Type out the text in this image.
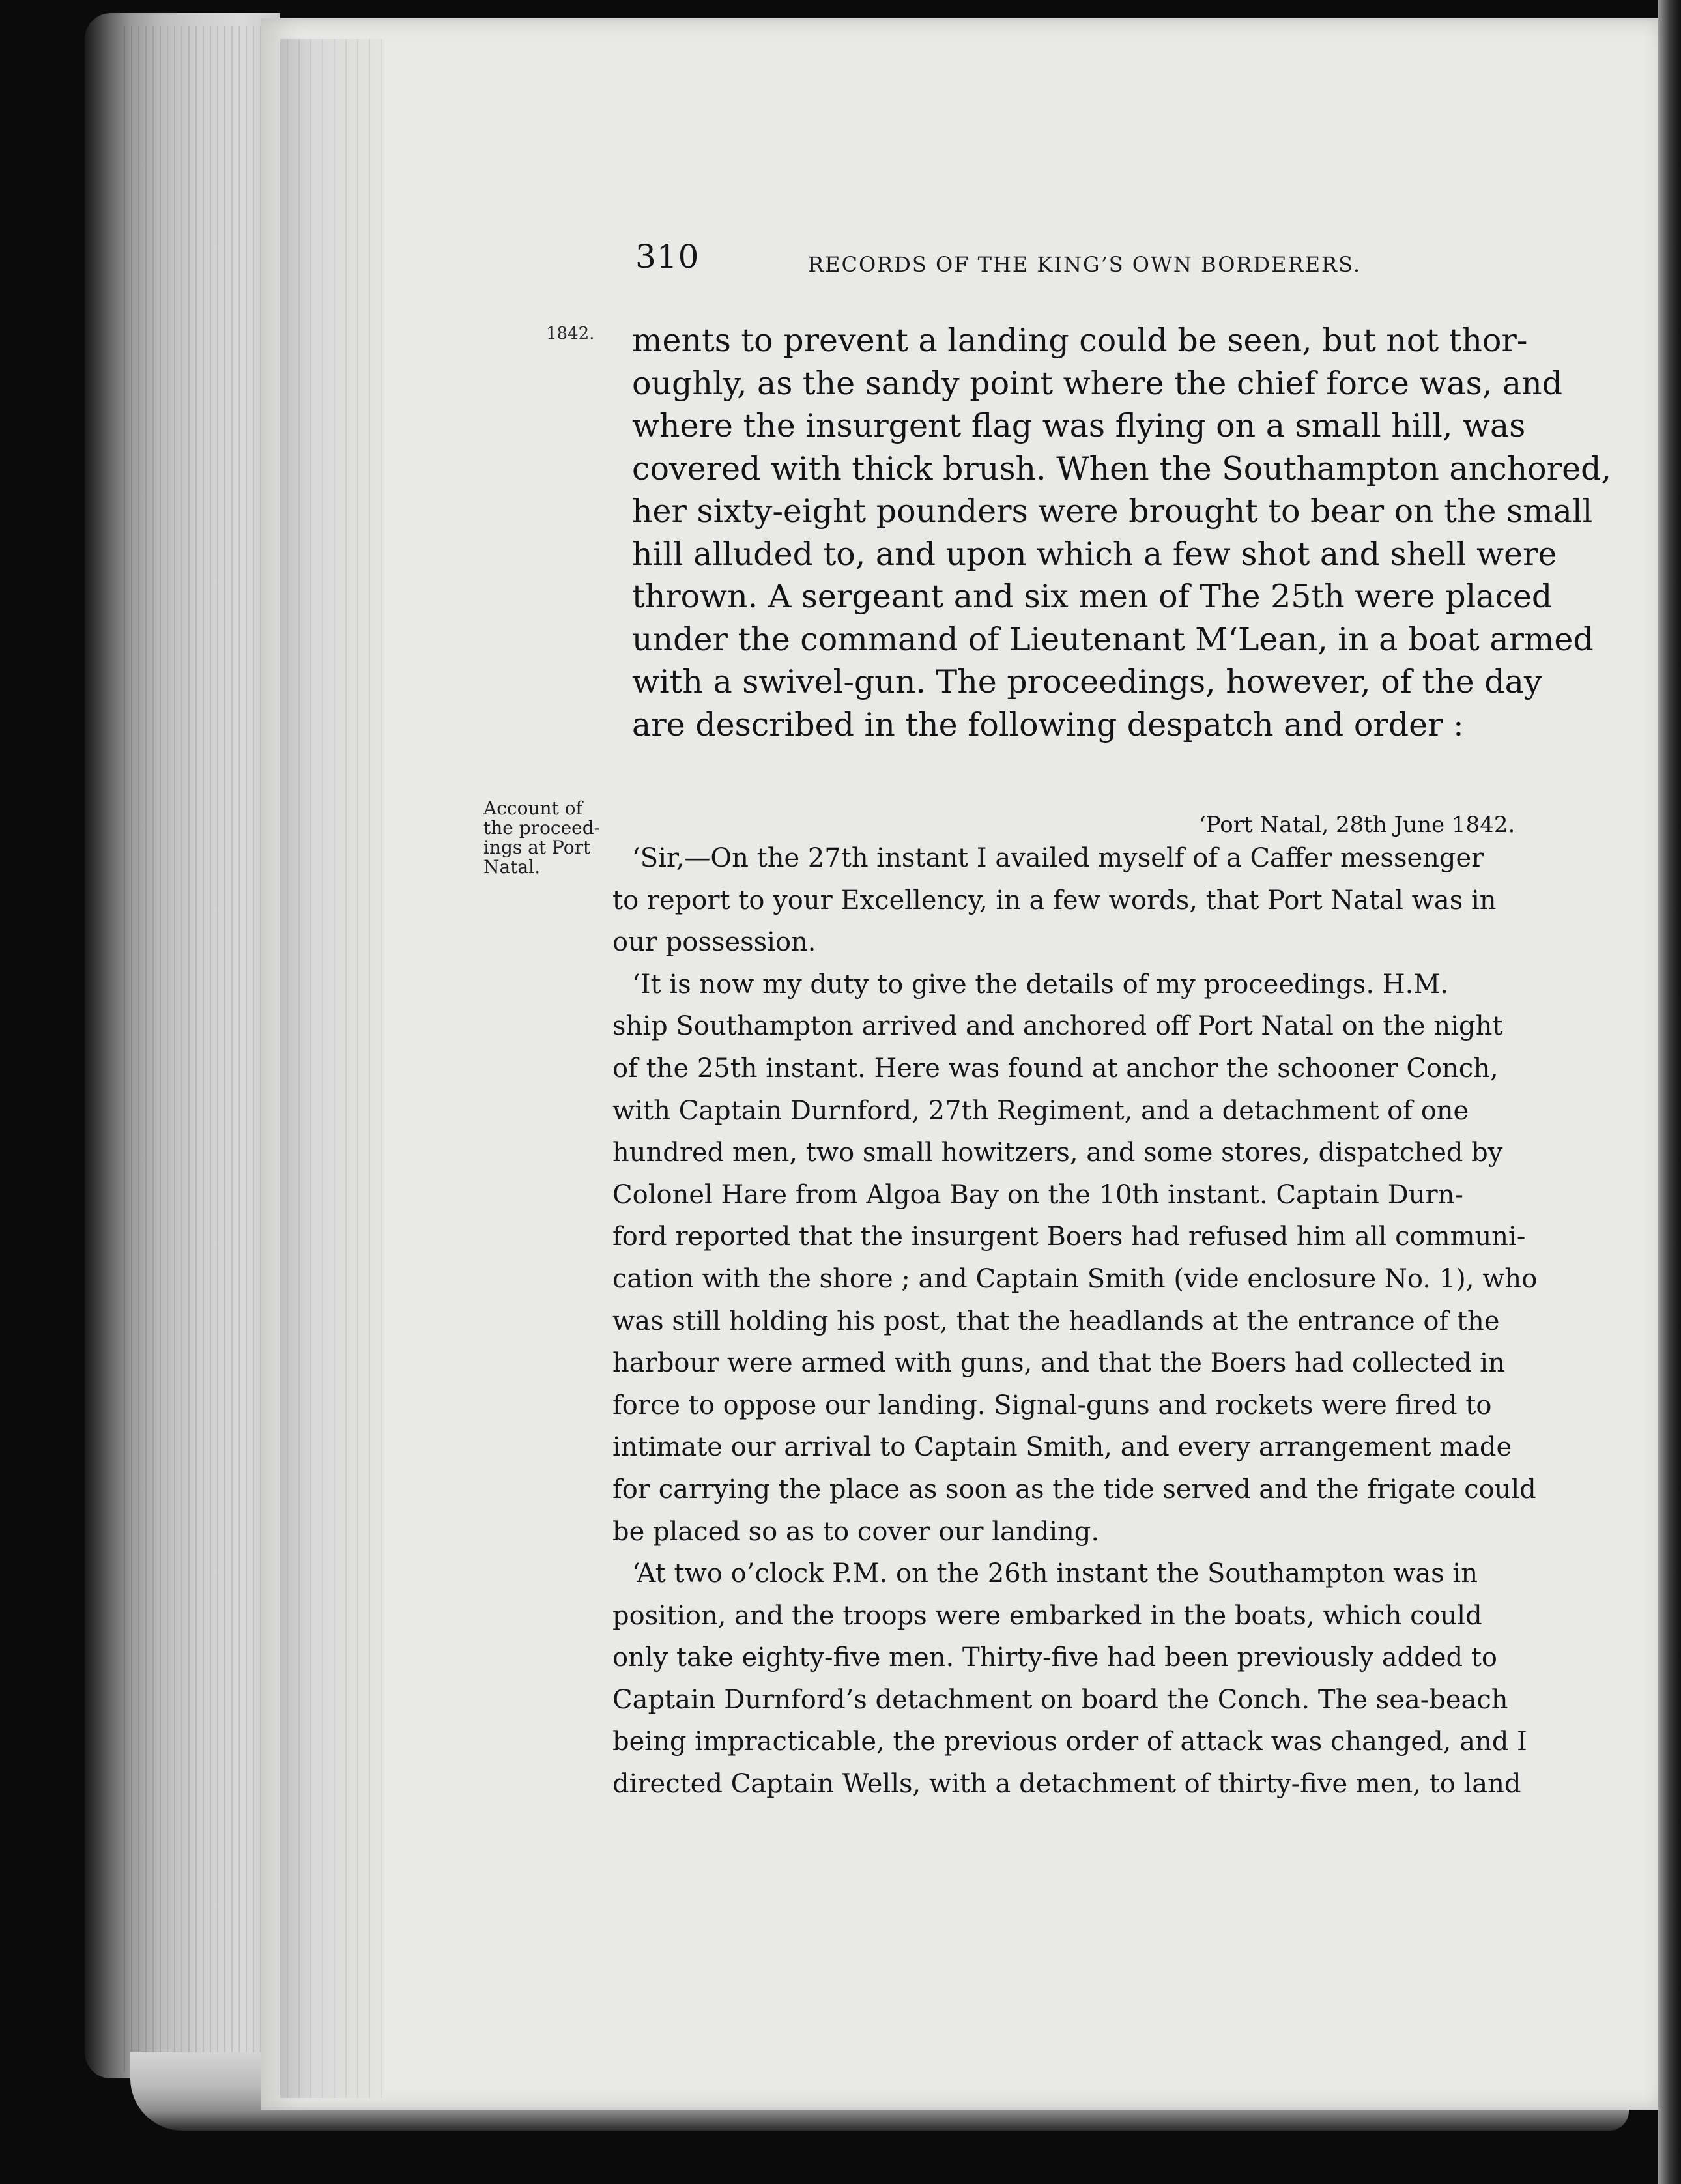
310	RECORDS OF THE KING’S OWN BORDERERS.
1842.
Account of
the proceed-
ings at Port
Natal.
ments to prevent a landing could be seen, but not thor-
oughly, as the sandy point where the chief force was, and
where the insurgent flag was flying on a small hill, was
covered with thick brush. When the Southampton anchored,
her sixty-eight pounders were brought to bear on the small
hill alluded to, and upon which a few shot and shell were
thrown. A sergeant and six men of The 25th were placed
under the command of Lieutenant M‘Lean, in a boat armed
with a swivel-gun. The proceedings, however, of the day
are described in the following despatch and order :
‘Port Natal, 28th June 1842.
‘Sir,—On the 27th instant I availed myself of a Caffer messenger
to report to your Excellency, in a few words, that Port Natal was in
our possession.
‘It is now my duty to give the details of my proceedings. H.M.
ship Southampton arrived and anchored off Port Natal on the night
of the 25th instant. Here was found at anchor the schooner Conch,
with Captain Durnford, 27th Regiment, and a detachment of one
hundred men, two small howitzers, and some stores, dispatched by
Colonel Hare from Algoa Bay on the 10th instant. Captain Durn-
ford reported that the insurgent Boers had refused him all communi-
cation with the shore ; and Captain Smith (vide enclosure No. 1), who
was still holding his post, that the headlands at the entrance of the
harbour were armed with guns, and that the Boers had collected in
force to oppose our landing. Signal-guns and rockets were fired to
intimate our arrival to Captain Smith, and every arrangement made
for carrying the place as soon as the tide served and the frigate could
be placed so as to cover our landing.
‘At two o’clock P.M. on the 26th instant the Southampton was in
position, and the troops were embarked in the boats, which could
only take eighty-five men. Thirty-five had been previously added to
Captain Durnford’s detachment on board the Conch. The sea-beach
being impracticable, the previous order of attack was changed, and I
directed Captain Wells, with a detachment of thirty-five men, to land
